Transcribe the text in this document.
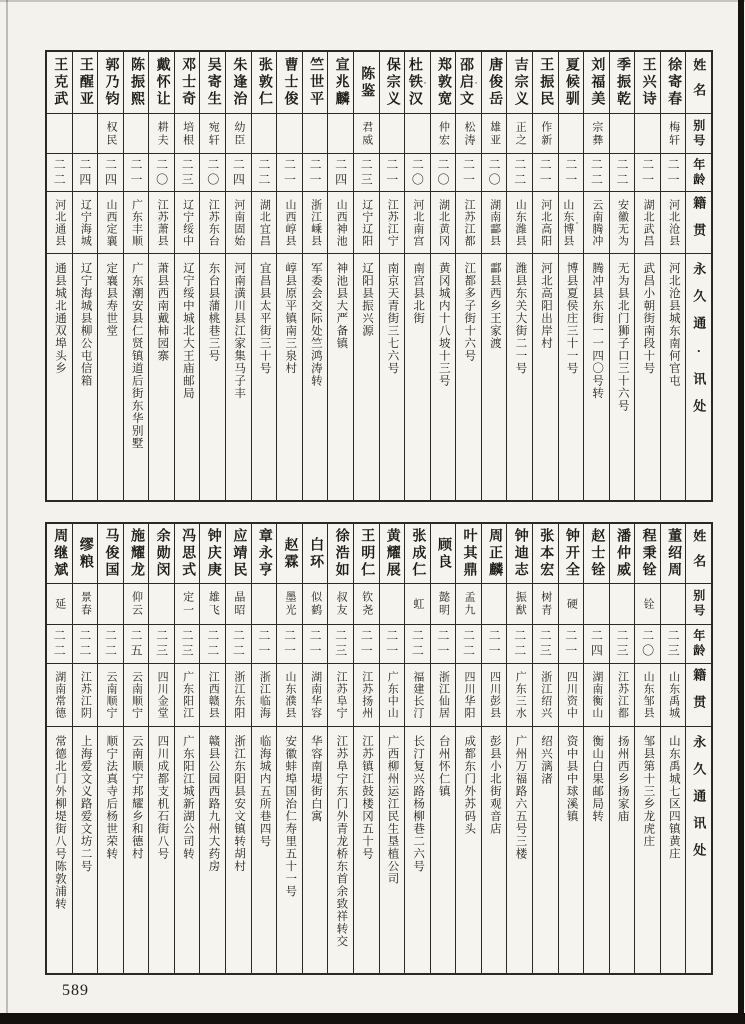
王克武
二二
河北通县
通县城北通双埠头乡
王醒亚
二四
辽宁海城
辽宁海城县柳公屯信箱
郭乃钧
权民
二四
山西定襄
定襄县寿世堂
陈振熙
二一
广东丰顺
广东潮安县仁贤镇道后街东华别墅
戴怀让
耕夫
二〇
江苏萧县
萧县西南戴柿园寨
邓士奇
培根
二三
辽宁绥中
辽宁绥中城北大王庙邮局
吴寄生
宛轩
二〇
江苏东台
东台县蒲桃巷三号
朱逢治
幼臣
二四
河南固始
河南潢川县江家集马子丰
张敦仁
二二
湖北宜昌
宜昌县太平街三十号
曹士俊
二一
山西崞县
崞县原平镇南三泉村
竺世平
二一
浙江嵊县
军委会交际处竺鸿涛转
宣兆麟
二四
山西神池
神池县大严备镇
陈鉴
君威
二三
辽宁辽阳
辽阳县振兴源
保宗义
二一
江苏江宁
南京天青街三七六号
杜铁汉 ◦
二〇
河北南宫
南宫县北街
郑敦宽
仲宏
二〇
湖北黄冈
黄冈城内十八坡十三号
邵启文 ◦
松涛
二一
江苏江都
江都多子街十六号
唐俊岳
雄亚
二〇
湖南酃县
酃县西乡王家渡
吉宗义
正之
二二
山东潍县
潍县东关大街二一号
王振民
作新
二一
河北高阳
河北高阳出岸村
夏候驯
二一
山东博县 ◦
博县夏侯庄三十一号
刘福美
宗彝
二二
云南腾冲
腾冲县东街一一四〇号转
季振乾
二二
安徽无为
无为县北门狮子口三十六号
王兴诗
二一
湖北武昌
武昌小朝街南段十号
徐寄春
梅轩
二一
河北沧县
河北沧县城东南何官屯
姓名
别号
年龄
籍贯
永久通·讯处
周继斌
延
二二
湖南常德
常德北门外柳堤街八号陈敦浦转
缪粮
景春
二二
江苏江阴
上海爱文义路爱文坊二号
马俊国
二二
云南顺宁
顺宁法真寺后杨世荣转
施耀龙
仰云
二五
云南顺宁
云南顺宁邦耀乡和德村
余勋闵
二三
四川金堂
四川成都支机石街八号
冯思式
定一
二三
广东阳江
广东阳江城新湖公司转
钟庆庚
雄飞
二二
江西赣县
赣县公园西路九州大药房
应靖民
晶昭
二二
浙江东阳
浙江东阳县安文镇转胡村
章永亨
二一
浙江临海
临海城内五所巷四号
赵霖
墨光
二一
山东濮县
安徽蚌埠国治仁寿里五十一号
白环
似鹤
二一
湖南华容
华容南堤街白寓
徐浩如
叔友
二三
江苏阜宁
江苏阜宁东门外青龙桥东首余致祥转交
王明仁
钦尧
二一
江苏扬州
江苏镇江鼓楼冈五十号
黄耀展
二一
广东中山
广西柳州运江民生垦植公司
张成仁
虹
二二
福建长汀
长汀复兴路杨柳巷二六号
顾良
懿明
二一
浙江仙居
台州怀仁镇
叶其鼎
孟九
二二
四川华阳
成都东门外苏码头
周正麟
二一
四川彭县
彭县小北街观音店
钟迪志
振猷
二二
广东三水
广州万福路六五号三楼
张本宏
树青
二三
浙江绍兴
绍兴漓渚
钟开全
硬
二一
四川资中
资中县中球溪镇
赵士铨
二四
湖南衡山
衡山白果邮局转
潘仲威
二三
江苏江都
扬州西乡扬家庙
程秉铨
铨
二〇
山东邹县
邹县第十三乡龙虎庄
董绍周
二三
山东禹城
山东禹城七区四镇黄庄
姓名
别号
年龄
籍贯
永久通讯处
589
